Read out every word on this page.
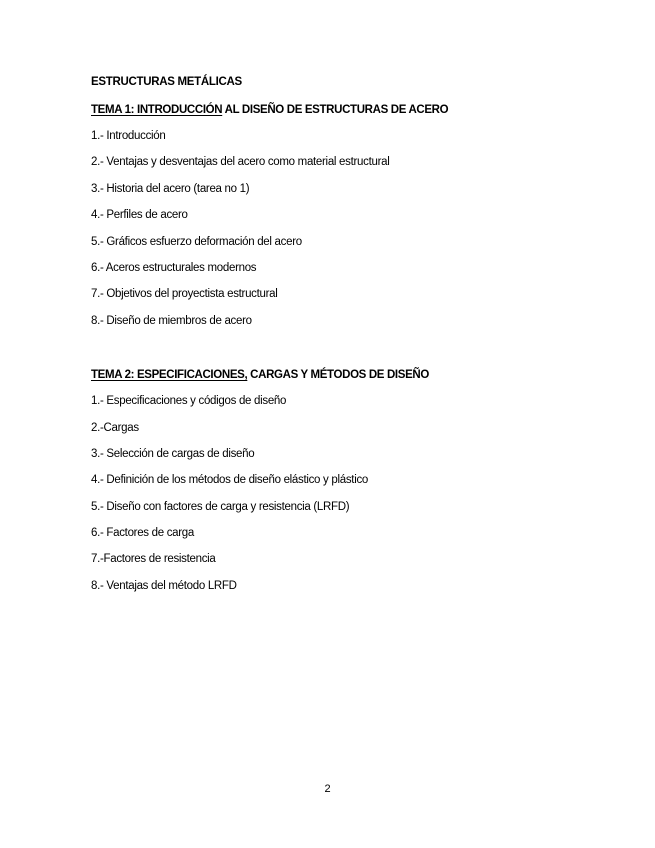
ESTRUCTURAS METÁLICAS
TEMA 1: INTRODUCCIÓN AL DISEÑO DE ESTRUCTURAS DE ACERO
1.- Introducción
2.- Ventajas y desventajas del acero como material estructural
3.- Historia del acero (tarea no 1)
4.- Perfiles de acero
5.- Gráficos esfuerzo deformación del acero
6.- Aceros estructurales modernos
7.- Objetivos del proyectista estructural
8.- Diseño de miembros de acero
TEMA 2: ESPECIFICACIONES, CARGAS Y MÉTODOS DE DISEÑO
1.- Especificaciones y códigos de diseño
2.-Cargas
3.- Selección de cargas de diseño
4.- Definición de los métodos de diseño elástico y plástico
5.- Diseño con factores de carga y resistencia (LRFD)
6.- Factores de carga
7.-Factores de resistencia
8.- Ventajas del método LRFD
2
